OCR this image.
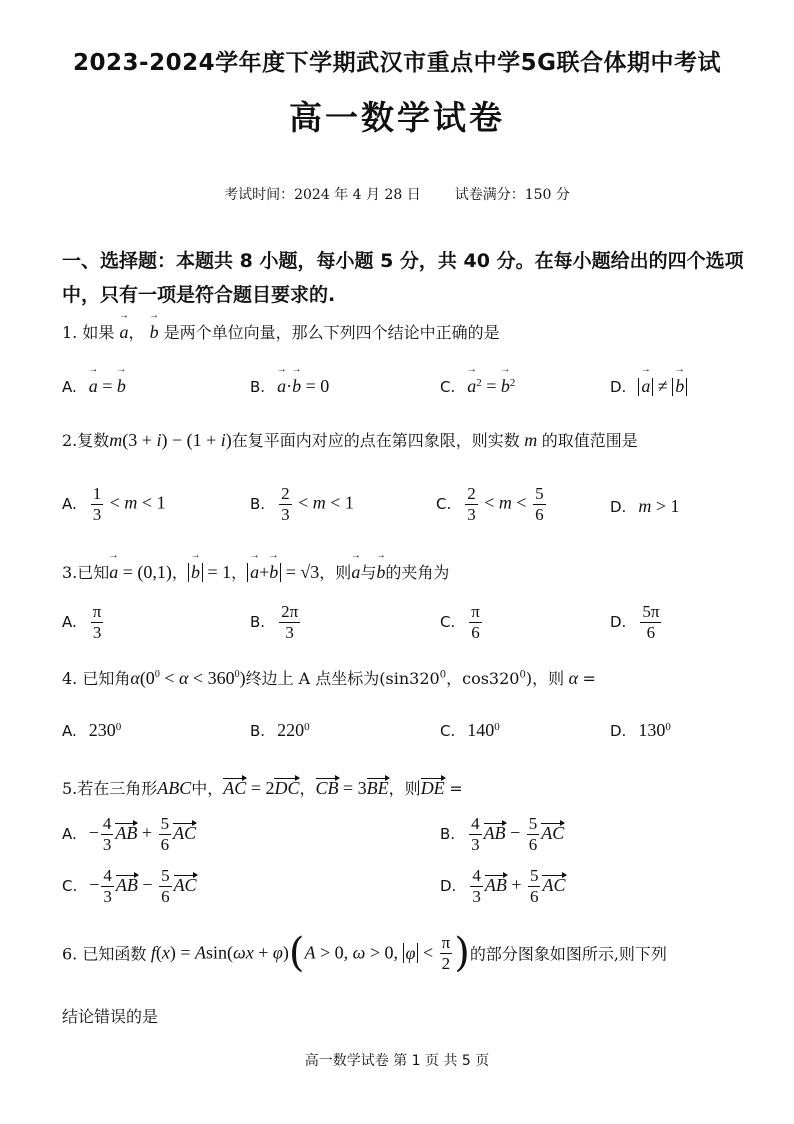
2023-2024学年度下学期武汉市重点中学5G联合体期中考试
高一数学试卷
考试时间：2024 年 4 月 28 日 试卷满分：150 分
一、选择题：本题共 8 小题，每小题 5 分，共 40 分。在每小题给出的四个选项中，只有一项是符合题目要求的.
1. 如果 → a， → b 是两个单位向量，那么下列四个结论中正确的是
A.→ a = → b	B.→ a·→ b = 0	$C.\to a^2$ = → $b^2$	D.→ a ≠ → b
2.复数m(3 + i) − (1 + i)在复平面内对应的点在第四象限，则实数 m 的取值范围是
A. $\frac{1}{3} < m < 1$	B. $\frac{2}{3} < m < 1$	C. $\frac{2}{3} < m < \frac{5}{6}$	D. m > 1
3.已知→ a = (0,1)，→ b = 1，→ a+→ b = √3，则→ a与→ b的夹角为
A. $\frac{\pi}{3}$	B. $\frac{2\pi}{3}$	C. $\frac{\pi}{6}$	D. $\frac{5\pi}{6}$
4. 已知角$\alpha(0^0 < \alpha < 360^0)$终边上 A 点坐标为($\sin 320^0$，$\cos 320^0$)，则 α =
A. $230^0$	B. $220^0$	C. $140^0$	D. $130^0$
5.若在三角形ABC中，AC = 2DC，CB = 3BE，则DE =
A. − $\frac{4}{3}$ AB + $\frac{5}{6}$ AC	B. $\frac{4}{3}$ AB − $\frac{5}{6}$ AC
C. − $\frac{4}{3}$ AB − $\frac{5}{6}$ AC	D. $\frac{4}{3}$ AB + $\frac{5}{6}$ AC
6. 已知函数 f(x) = Asin(ωx + φ)(A > 0, ω > 0, $\varphi < \frac{\pi}{2}$ )的部分图象如图所示,则下列
结论错误的是
高一数学试卷 第 1 页 共 5 页
